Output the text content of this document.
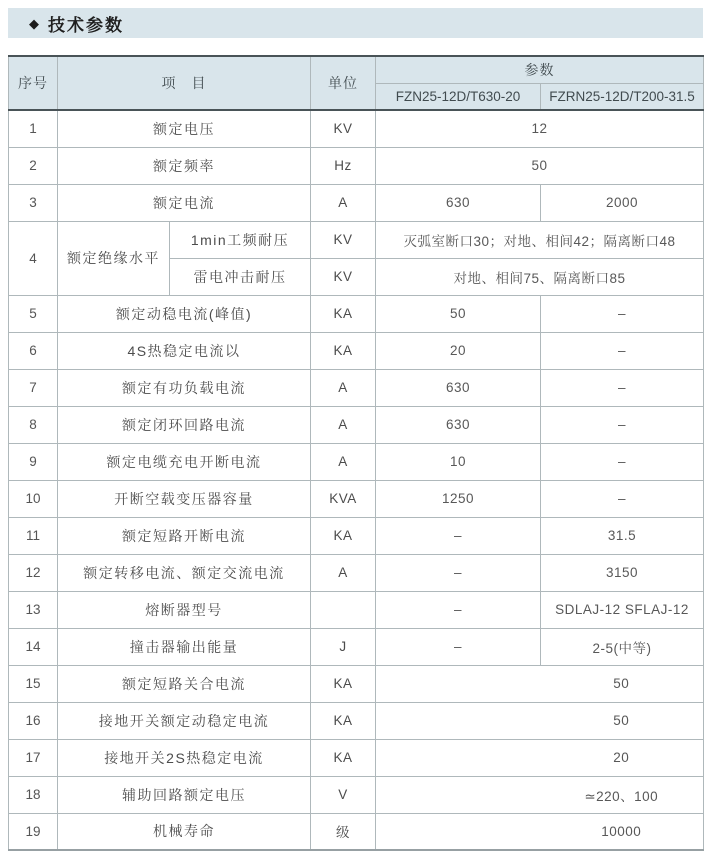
◆ 技术参数
序号	项　目		单位	参数	
				FZN25-12D/T630-20	FZRN25-12D/T200-31.5
1	额定电压		KV	12	

2	额定频率		Hz	50	

3	额定电流		A	630	2000
4	额定绝缘水平	1min工频耐压	KV	灭弧室断口30；对地、相间42；隔离断口48	

		雷电冲击耐压	KV	对地、相间75、隔离断口85	

5	额定动稳电流(峰值)		KA	50	–
6	4S热稳定电流以		KA	20	–
7	额定有功负载电流		A	630	–
8	额定闭环回路电流		A	630	–
9	额定电缆充电开断电流		A	10	–
10	开断空载变压器容量		KVA	1250	–
11	额定短路开断电流		KA	–	31.5
12	额定转移电流、额定交流电流		A	–	3150
13	熔断器型号			–	SDLAJ-12 SFLAJ-12
14	撞击器输出能量		J	–	2-5(中等)
15	额定短路关合电流		KA	50	

16	接地开关额定动稳定电流		KA	50	

17	接地开关2S热稳定电流		KA	20	

18	辅助回路额定电压		V	≃220、100	

19	机械寿命		级	10000	
